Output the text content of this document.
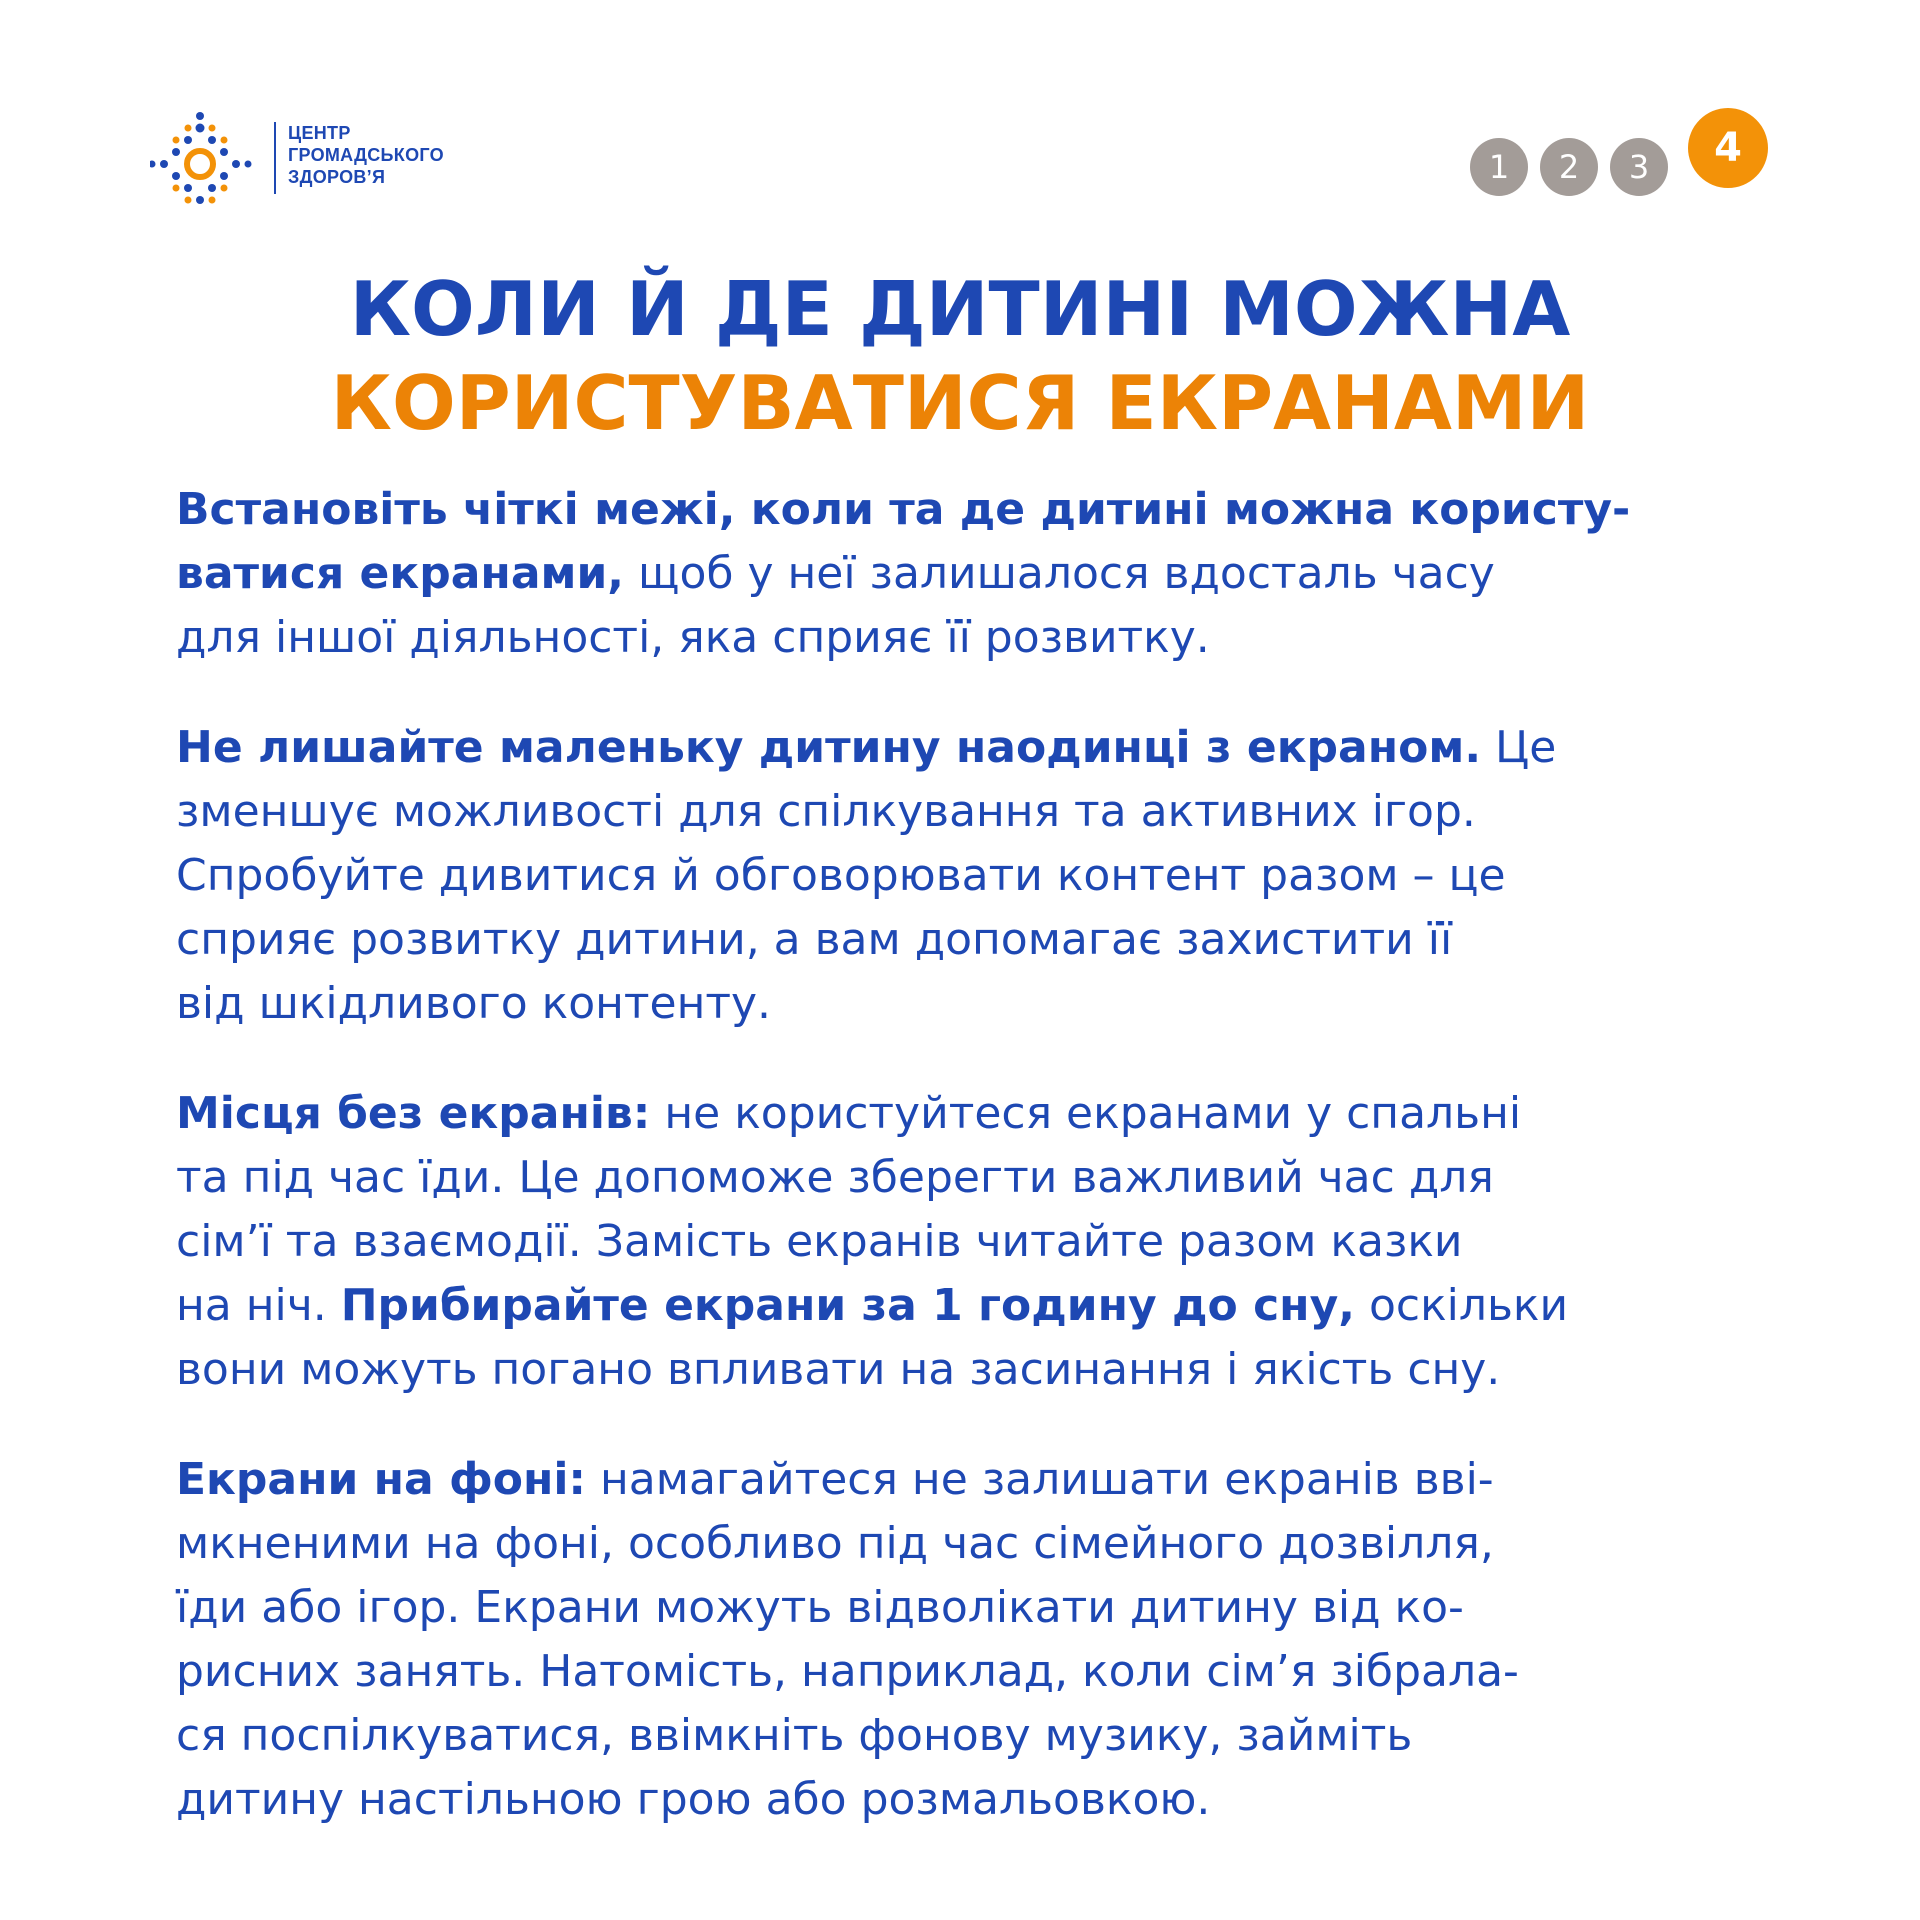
ЦЕНТР
ГРОМАДСЬКОГО
ЗДОРОВ’Я	1	2	3	4
КОЛИ Й ДЕ ДИТИНІ МОЖНА
КОРИСТУВАТИСЯ ЕКРАНАМИ
Встановіть чіткі межі, коли та де дитині можна користу-
ватися екранами, щоб у неї залишалося вдосталь часу
для іншої діяльності, яка сприяє її розвитку.
Не лишайте маленьку дитину наодинці з екраном. Це
зменшує можливості для спілкування та активних ігор.
Спробуйте дивитися й обговорювати контент разом – це
сприяє розвитку дитини, а вам допомагає захистити її
від шкідливого контенту.
Місця без екранів: не користуйтеся екранами у спальні
та під час їди. Це допоможе зберегти важливий час для
сім’ї та взаємодії. Замість екранів читайте разом казки
на ніч. Прибирайте екрани за 1 годину до сну, оскільки
вони можуть погано впливати на засинання і якість сну.
Екрани на фоні: намагайтеся не залишати екранів вві-
мкненими на фоні, особливо під час сімейного дозвілля,
їди або ігор. Екрани можуть відволікати дитину від ко-
рисних занять. Натомість, наприклад, коли сім’я зібрала-
ся поспілкуватися, ввімкніть фонову музику, займіть
дитину настільною грою або розмальовкою.
